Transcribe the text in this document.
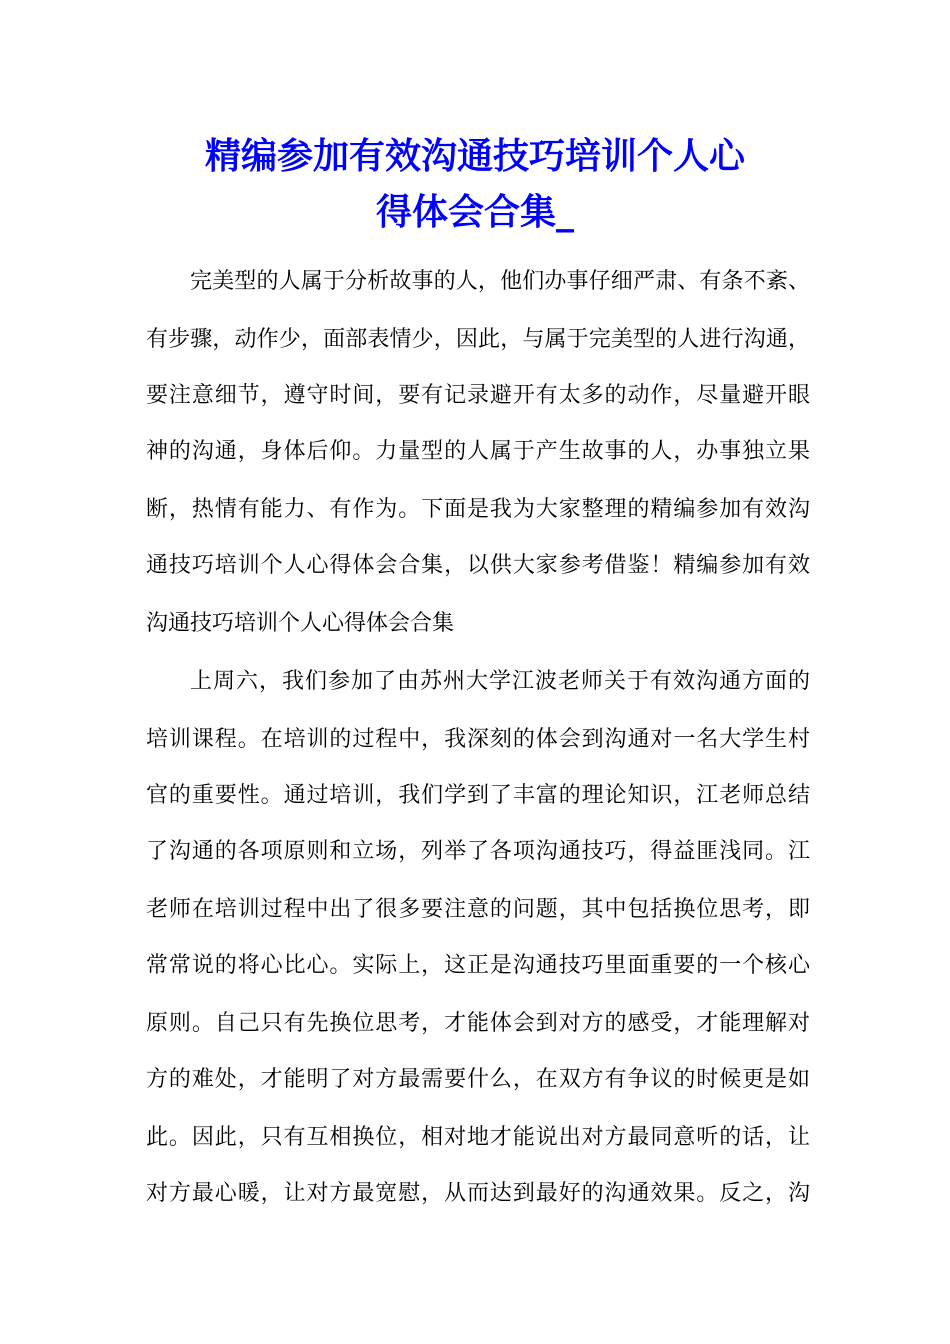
精编参加有效沟通技巧培训个人心
得体会合集_

完美型的人属于分析故事的人，他们办事仔细严肃、有条不紊、

有步骤，动作少，面部表情少，因此，与属于完美型的人进行沟通，

要注意细节，遵守时间，要有记录避开有太多的动作，尽量避开眼

神的沟通，身体后仰。力量型的人属于产生故事的人，办事独立果

断，热情有能力、有作为。下面是我为大家整理的精编参加有效沟

通技巧培训个人心得体会合集，以供大家参考借鉴！精编参加有效

沟通技巧培训个人心得体会合集

上周六，我们参加了由苏州大学江波老师关于有效沟通方面的

培训课程。在培训的过程中，我深刻的体会到沟通对一名大学生村

官的重要性。通过培训，我们学到了丰富的理论知识，江老师总结

了沟通的各项原则和立场，列举了各项沟通技巧，得益匪浅同。江

老师在培训过程中出了很多要注意的问题，其中包括换位思考，即

常常说的将心比心。实际上，这正是沟通技巧里面重要的一个核心

原则。自己只有先换位思考，才能体会到对方的感受，才能理解对

方的难处，才能明了对方最需要什么，在双方有争议的时候更是如

此。因此，只有互相换位，相对地才能说出对方最同意听的话，让

对方最心暖，让对方最宽慰，从而达到最好的沟通效果。反之，沟
